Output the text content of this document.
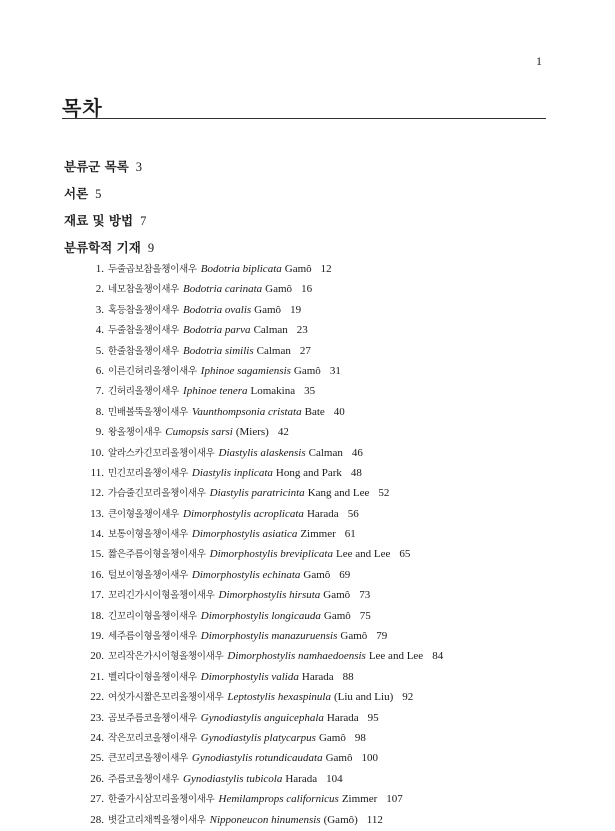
1
목차
분류군 목록 3
서론 5
재료 및 방법 7
분류학적 기재 9
1. 두줄곱보참올챙이새우 Bodotria biplicata Gamô 12
2. 네모참올챙이새우 Bodotria carinata Gamô 16
3. 혹등참올챙이새우 Bodotria ovalis Gamô 19
4. 두줄참올챙이새우 Bodotria parva Calman 23
5. 한줄참올챙이새우 Bodotria similis Calman 27
6. 이른긴허리올챙이새우 Iphinoe sagamiensis Gamô 31
7. 긴허리올챙이새우 Iphinoe tenera Lomakina 35
8. 민배볼뚝올챙이새우 Vaunthompsonia cristata Bate 40
9. 왕올챙이새우 Cumopsis sarsi (Miers) 42
10. 알라스카긴꼬리올챙이새우 Diastylis alaskensis Calman 46
11. 민긴꼬리올챙이새우 Diastylis inplicata Hong and Park 48
12. 가슴줄긴꼬리올챙이새우 Diastylis paratricinta Kang and Lee 52
13. 큰이형올챙이새우 Dimorphostylis acroplicata Harada 56
14. 보통이형올챙이새우 Dimorphostylis asiatica Zimmer 61
15. 짧은주름이형올챙이새우 Dimorphostylis breviplicata Lee and Lee 65
16. 털보이형올챙이새우 Dimorphostylis echinata Gamô 69
17. 꼬리긴가시이형올챙이새우 Dimorphostylis hirsuta Gamô 73
18. 긴꼬리이형올챙이새우 Dimorphostylis longicauda Gamô 75
19. 세주름이형올챙이새우 Dimorphostylis manazuruensis Gamô 79
20. 꼬리작은가시이형올챙이새우 Dimorphostylis namhaedoensis Lee and Lee 84
21. 벨리다이형올챙이새우 Dimorphostylis valida Harada 88
22. 여섯가시짧은꼬리올챙이새우 Leptostylis hexaspinula (Liu and Liu) 92
23. 곰보주름코올챙이새우 Gynodiastylis anguicephala Harada 95
24. 작은꼬리코올챙이새우 Gynodiastylis platycarpus Gamô 98
25. 큰꼬리코올챙이새우 Gynodiastylis rotundicaudata Gamô 100
26. 주름코올챙이새우 Gynodiastylis tubicola Harada 104
27. 한줄가시삼꼬리올챙이새우 Hemilamprops californicus Zimmer 107
28. 볏갈고리채찍올챙이새우 Nipponeucon hinumensis (Gamô) 112
